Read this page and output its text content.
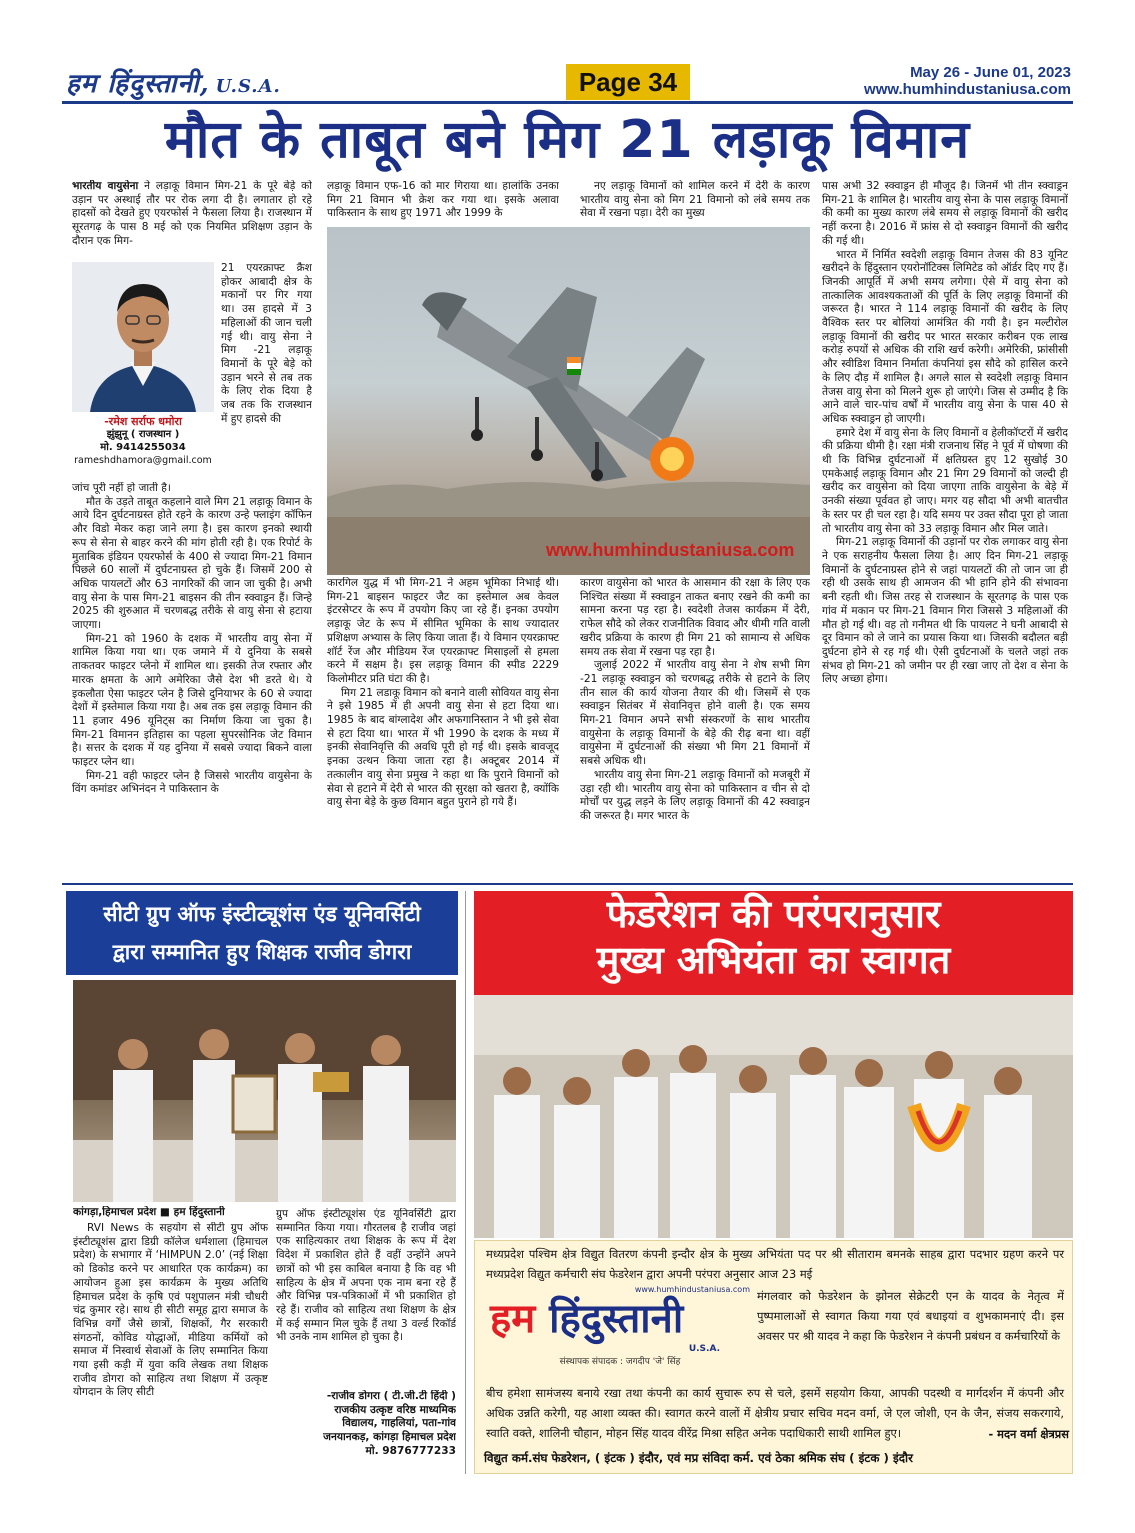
हम हिंदुस्तानी, U.S.A.	Page 34	May 26 - June 01, 2023
www.humhindustaniusa.com
मौत के ताबूत बने मिग 21 लड़ाकू विमान

भारतीय वायुसेना ने लड़ाकू विमान मिग-21 के पूरे बेड़े को उड़ान पर अस्थाई तौर पर रोक लगा दी है। लगातार हो रहे हादसों को देखते हुए एयरफोर्स ने फैसला लिया है। राजस्थान में सूरतगढ़ के पास 8 मई को एक नियमित प्रशिक्षण उड़ान के दौरान एक मिग-

-रमेश सर्राफ धमोरा
झुंझुनू ( राजस्थान )
मो. 9414255034
rameshdhamora@gmail.com

21 एयरक्राफ्ट क्रैश होकर आबादी क्षेत्र के मकानों पर गिर गया था। उस हादसे में 3 महिलाओं की जान चली गई थी। वायु सेना ने मिग -21 लड़ाकू विमानों के पूरे बेड़े को उड़ान भरने से तब तक के लिए रोक दिया है जब तक कि राजस्थान में हुए हादसे की

जांच पूरी नहीं हो जाती है।

मौत के उड़ते ताबूत कहलाने वाले मिग 21 लड़ाकू विमान के आये दिन दुर्घटनाग्रस्त होते रहने के कारण उन्हे फ्लाइंग कॉफिन और विडो मेकर कहा जाने लगा है। इस कारण इनको स्थायी रूप से सेना से बाहर करने की मांग होती रही है। एक रिपोर्ट के मुताबिक इंडियन एयरफोर्स के 400 से ज्यादा मिग-21 विमान पिछले 60 सालों में दुर्घटनाग्रस्त हो चुके हैं। जिसमें 200 से अधिक पायलटों और 63 नागरिकों की जान जा चुकी है। अभी वायु सेना के पास मिग-21 बाइसन की तीन स्क्वाड्रन हैं। जिन्हे 2025 की शुरुआत में चरणबद्ध तरीके से वायु सेना से हटाया जाएगा।

मिग-21 को 1960 के दशक में भारतीय वायु सेना में शामिल किया गया था। एक जमाने में ये दुनिया के सबसे ताकतवर फाइटर प्लेनो में शामिल था। इसकी तेज रफ्तार और मारक क्षमता के आगे अमेरिका जैसे देश भी डरते थे। ये इकलौता ऐसा फाइटर प्लेन है जिसे दुनियाभर के 60 से ज्यादा देशों में इस्तेमाल किया गया है। अब तक इस लड़ाकू विमान की 11 हजार 496 यूनिट्स का निर्माण किया जा चुका है। मिग-21 विमानन इतिहास का पहला सुपरसोनिक जेट विमान है। सत्तर के दशक में यह दुनिया में सबसे ज्यादा बिकने वाला फाइटर प्लेन था।

मिग-21 वही फाइटर प्लेन है जिससे भारतीय वायुसेना के विंग कमांडर अभिनंदन ने पाकिस्तान के

लड़ाकू विमान एफ-16 को मार गिराया था। हालांकि उनका मिग 21 विमान भी क्रेश कर गया था। इसके अलावा पाकिस्तान के साथ हुए 1971 और 1999 के

नए लड़ाकू विमानों को शामिल करने में देरी के कारण भारतीय वायु सेना को मिग 21 विमानो को लंबे समय तक सेवा में रखना पड़ा। देरी का मुख्य

www.humhindustaniusa.com

कारगिल युद्ध में भी मिग-21 ने अहम भूमिका निभाई थी। मिग-21 बाइसन फाइटर जैट का इस्तेमाल अब केवल इंटरसेप्टर के रूप में उपयोग किए जा रहे हैं। इनका उपयोग लड़ाकू जेट के रूप में सीमित भूमिका के साथ ज्यादातर प्रशिक्षण अभ्यास के लिए किया जाता हैं। ये विमान एयरक्राफ्ट शॉर्ट रेंज और मीडियम रेंज एयरक्राफ्ट मिसाइलों से हमला करने में सक्षम है। इस लड़ाकू विमान की स्पीड 2229 किलोमीटर प्रति घंटा की है।

मिग 21 लडाकू विमान को बनाने वाली सोवियत वायु सेना ने इसे 1985 में ही अपनी वायु सेना से हटा दिया था। 1985 के बाद बांग्लादेश और अफगानिस्तान ने भी इसे सेवा से हटा दिया था। भारत में भी 1990 के दशक के मध्य में इनकी सेवानिवृत्ति की अवधि पूरी हो गई थी। इसके बावजूद इनका उत्थन किया जाता रहा है। अक्टूबर 2014 में तत्कालीन वायु सेना प्रमुख ने कहा था कि पुराने विमानों को सेवा से हटाने में देरी से भारत की सुरक्षा को खतरा है, क्योंकि वायु सेना बेड़े के कुछ विमान बहुत पुराने हो गये हैं।

कारण वायुसेना को भारत के आसमान की रक्षा के लिए एक निश्चित संख्या में स्क्वाड्रन ताकत बनाए रखने की कमी का सामना करना पड़ रहा है। स्वदेशी तेजस कार्यक्रम में देरी, राफेल सौदे को लेकर राजनीतिक विवाद और धीमी गति वाली खरीद प्रक्रिया के कारण ही मिग 21 को सामान्य से अधिक समय तक सेवा में रखना पड़ रहा है।

जुलाई 2022 में भारतीय वायु सेना ने शेष सभी मिग -21 लड़ाकू स्क्वाड्रन को चरणबद्ध तरीके से हटाने के लिए तीन साल की कार्य योजना तैयार की थी। जिसमें से एक स्क्वाड्रन सितंबर में सेवानिवृत्त होने वाली है। एक समय मिग-21 विमान अपने सभी संस्करणों के साथ भारतीय वायुसेना के लड़ाकू विमानों के बेड़े की रीढ़ बना था। वहीं वायुसेना में दुर्घटनाओं की संख्या भी मिग 21 विमानों में सबसे अधिक थी।

भारतीय वायु सेना मिग-21 लड़ाकू विमानों को मजबूरी में उड़ा रही थी। भारतीय वायु सेना को पाकिस्तान व चीन से दो मोर्चों पर युद्ध लड़ने के लिए लड़ाकू विमानों की 42 स्क्वाड्रन की जरूरत है। मगर भारत के

पास अभी 32 स्क्वाड्रन ही मौजूद है। जिनमें भी तीन स्क्वाड्रन मिग-21 के शामिल है। भारतीय वायु सेना के पास लड़ाकू विमानों की कमी का मुख्य कारण लंबे समय से लड़ाकू विमानों की खरीद नहीं करना है। 2016 में फ्रांस से दो स्क्वाड्रन विमानों की खरीद की गई थी।

भारत में निर्मित स्वदेशी लड़ाकू विमान तेजस की 83 यूनिट खरीदने के हिंदुस्तान एयरोनॉटिक्स लिमिटेड को ऑर्डर दिए गए हैं। जिनकी आपूर्ति में अभी समय लगेगा। ऐसे में वायु सेना को तात्कालिक आवश्यकताओं की पूर्ति के लिए लड़ाकू विमानों की जरूरत है। भारत ने 114 लड़ाकू विमानों की खरीद के लिए वैश्विक स्तर पर बोलियां आमंत्रित की गयी है। इन मल्टीरोल लड़ाकू विमानों की खरीद पर भारत सरकार करीबन एक लाख करोड़ रुपयों से अधिक की राशि खर्च करेगी। अमेरिकी, फ्रांसीसी और स्वीडिश विमान निर्माता कंपनियां इस सौदे को हासिल करने के लिए दौड़ में शामिल है। अगले साल से स्वदेशी लड़ाकू विमान तेजस वायु सेना को मिलने शुरू हो जाएंगे। जिस से उम्मीद है कि आने वाले चार-पांच वर्षों में भारतीय वायु सेना के पास 40 से अधिक स्क्वाड्रन हो जाएगी।

हमारे देश में वायु सेना के लिए विमानों व हेलीकॉप्टरों में खरीद की प्रक्रिया धीमी है। रक्षा मंत्री राजनाथ सिंह ने पूर्व में घोषणा की थी कि विभिन्न दुर्घटनाओं में क्षतिग्रस्त हुए 12 सुखोई 30 एमकेआई लड़ाकू विमान और 21 मिग 29 विमानों को जल्दी ही खरीद कर वायुसेना को दिया जाएगा ताकि वायुसेना के बेड़े में उनकी संख्या पूर्ववत हो जाए। मगर यह सौदा भी अभी बातचीत के स्तर पर ही चल रहा है। यदि समय पर उक्त सौदा पूरा हो जाता तो भारतीय वायु सेना को 33 लड़ाकू विमान और मिल जाते।

मिग-21 लड़ाकू विमानों की उड़ानों पर रोक लगाकर वायु सेना ने एक सराहनीय फैसला लिया है। आए दिन मिग-21 लड़ाकू विमानों के दुर्घटनाग्रस्त होने से जहां पायलटों की तो जान जा ही रही थी उसके साथ ही आमजन की भी हानि होने की संभावना बनी रहती थी। जिस तरह से राजस्थान के सूरतगढ़ के पास एक गांव में मकान पर मिग-21 विमान गिरा जिससे 3 महिलाओं की मौत हो गई थी। वह तो गनीमत थी कि पायलट ने घनी आबादी से दूर विमान को ले जाने का प्रयास किया था। जिसकी बदौलत बड़ी दुर्घटना होने से रह गई थी। ऐसी दुर्घटनाओं के चलते जहां तक संभव हो मिग-21 को जमीन पर ही रखा जाए तो देश व सेना के लिए अच्छा होगा।

सीटी ग्रुप ऑफ इंस्टीट्यूशंस एंड यूनिवर्सिटी
द्वारा सम्मानित हुए शिक्षक राजीव डोगरा
कांगड़ा,हिमाचल प्रदेश ■ हम हिंदुस्तानी

RVI News के सहयोग से सीटी ग्रुप ऑफ इंस्टीट्यूशंस द्वारा डिग्री कॉलेज धर्मशाला (हिमाचल प्रदेश) के सभागार में ‘HIMPUN 2.0’ (नई शिक्षा को डिकोड करने पर आधारित एक कार्यक्रम) का आयोजन हुआ इस कार्यक्रम के मुख्य अतिथि हिमाचल प्रदेश के कृषि एवं पशुपालन मंत्री चौधरी चंद्र कुमार रहे। साथ ही सीटी समूह द्वारा समाज के विभिन्न वर्गों जैसे छात्रों, शिक्षकों, गैर सरकारी संगठनों, कोविड योद्धाओं, मीडिया कर्मियों को समाज में निस्वार्थ सेवाओं के लिए सम्मानित किया गया इसी कड़ी में युवा कवि लेखक तथा शिक्षक राजीव डोगरा को साहित्य तथा शिक्षण में उत्कृष्ट योगदान के लिए सीटी

ग्रुप ऑफ इंस्टीट्यूशंस एंड यूनिवर्सिटी द्वारा सम्मानित किया गया। गौरतलब है राजीव जहां एक साहित्यकार तथा शिक्षक के रूप में देश विदेश में प्रकाशित होते हैं वहीं उन्होंने अपने छात्रों को भी इस काबिल बनाया है कि वह भी साहित्य के क्षेत्र में अपना एक नाम बना रहे हैं और विभिन्न पत्र-पत्रिकाओं में भी प्रकाशित हो रहे हैं। राजीव को साहित्य तथा शिक्षण के क्षेत्र में कई सम्मान मिल चुके हैं तथा 3 वर्ल्ड रिकॉर्ड भी उनके नाम शामिल हो चुका है।

-राजीव डोगरा ( टी.जी.टी हिंदी )
राजकीय उत्कृष्ट वरिष्ठ माध्यमिक
विद्यालय, गाहलियां, पता-गांव
जनयानकड़, कांगड़ा हिमाचल प्रदेश
मो. 9876777233
फेडरेशन की परंपरानुसार
मुख्य अभियंता का स्वागत
मध्यप्रदेश पश्चिम क्षेत्र विद्युत वितरण कंपनी इन्दौर क्षेत्र के मुख्य अभियंता पद पर श्री सीताराम बमनके साहब द्वारा पदभार ग्रहण करने पर मध्यप्रदेश विद्युत कर्मचारी संघ फेडरेशन द्वारा अपनी परंपरा अनुसार आज 23 मई
www.humhindustaniusa.com
हम हिंदुस्तानी
U.S.A.
संस्थापक संपादक : जगदीप 'जे' सिंह
मंगलवार को फेडरेशन के झोनल सेक्रेटरी एन के यादव के नेतृत्व में पुष्पमालाओं से स्वागत किया गया एवं बधाइयां व शुभकामनाएं दी। इस अवसर पर श्री यादव ने कहा कि फेडरेशन ने कंपनी प्रबंधन व कर्मचारियों के
बीच हमेशा सामंजस्य बनाये रखा तथा कंपनी का कार्य सुचारू रुप से चले, इसमें सहयोग किया, आपकी पदस्थी व मार्गदर्शन में कंपनी और अधिक उन्नति करेगी, यह आशा व्यक्त की। स्वागत करने वालों में क्षेत्रीय प्रचार सचिव मदन वर्मा, जे एल जोशी, एन के जैन, संजय सकरगाये, स्वाति वक्ते, शालिनी चौहान, मोहन सिंह यादव वीरेंद्र मिश्रा सहित अनेक पदाधिकारी साथी शामिल हुए।	- मदन वर्मा क्षेत्रप्रस
विद्युत कर्म.संघ फेडरेशन, ( इंटक ) इंदौर, एवं मप्र संविदा कर्म. एवं ठेका श्रमिक संघ ( इंटक ) इंदौर
